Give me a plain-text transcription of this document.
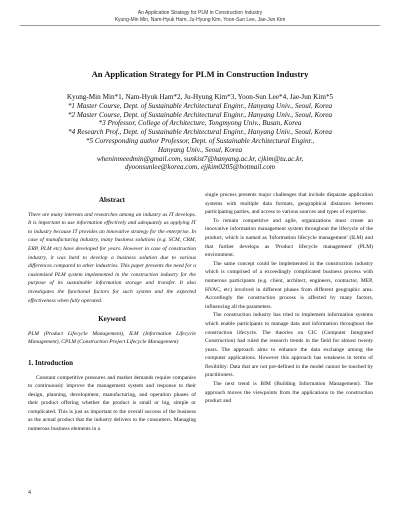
An Application Strategy for PLM in Construction Industry
Kyung-Min Min, Nam-Hyuk Ham, Ju-Hyung Kim, Yoon-Sun Lee, Jae-Jun Kim
An Application Strategy for PLM in Construction Industry
Kyung-Min Min*1, Nam-Hyuk Ham*2, Ju-Hyung Kim*3, Yoon-Sun Lee*4, Jae-Jun Kim*5
*1 Master Course, Dept. of Sustainable Architectural Enginr., Hanyang Univ., Seoul, Korea
*2 Master Course, Dept. of Sustainable Architectural Enginr., Hanyang Univ., Seoul, Korea
*3 Professor, College of Architecture, Tongmyong Univ., Busan, Korea
*4 Research Prof., Dept. of Sustainable Architectural Enginr., Hanyang Univ., Seoul, Korea
*5 Corresponding author Professor, Dept. of Sustainable Architectural Enginr.,
Hanyang Univ., Seoul, Korea
wheninmeedmin@gmail.com, sunkist7@hanyang.ac.kr, cjkim@tu.ac.kr,
dyoonsunlee@korea.com, ejjkim0205@hotmail.com
Abstract

There are many interests and researches among an industry as IT develops. It is important to use information effectively and adequately as applying IT to industry because IT provides an innovative strategy for the enterprise. In case of manufacturing industry, many business solutions (e.g. SCM, CRM, ERP, PLM etc) have developed for years. However in case of construction industry, it was hard to develop a business solution due to various differences compared to other industries. This paper presents the need for a customized PLM system implemented in the construction industry for the purpose of its sustainable information storage and transfer. It also investigates the functional factors for such system and the expected effectiveness when fully operated.

Keyword

PLM (Product Lifecycle Management), ILM (Information Lifecycle Management), CPLM (Construction Project Lifecycle Management)

1. Introduction

Constant competitive pressures and market demands require companies to continuously improve the management system and response to their design, planning, development, manufacturing, and operation phases of their product offering whether the product is small or big, simple or complicated. This is just as important to the overall success of the business as the actual product that the industry delivers to the consumers. Managing numerous business elements in a

single process presents major challenges that include disparate application systems with multiple data formats, geographical distances between participating parties, and access to various sources and types of expertise.

To remain competitive and agile, organizations must create an innovative information management system throughout the lifecycle of the product, which is named as 'Information lifecycle management' (ILM) and that further develops as 'Product lifecycle management' (PLM) environment.

The same concept could be implemented in the construction industry which is comprised of a exceedingly complicated business process with numerous participants (e.g. client, architect, engineers, contractor, MEP, HVAC, etc) involved in different phases from different geographic area. Accordingly the construction process is affected by many factors, influencing all the parameters.

The construction industry has tried to implement information systems which enable participants to manage data and information throughout the construction lifecycle. The theories on CIC (Computer Integrated Construction) had ruled the research trends in the field for almost twenty years. The approach aims to enhance the data exchange among the computer applications. However this approach has weakness in terms of flexibility: Data that are not pre-defined in the model cannot be touched by practitioners.

The next trend is BIM (Building Information Management). The approach moves the viewpoints from the applications to the construction product and

4
